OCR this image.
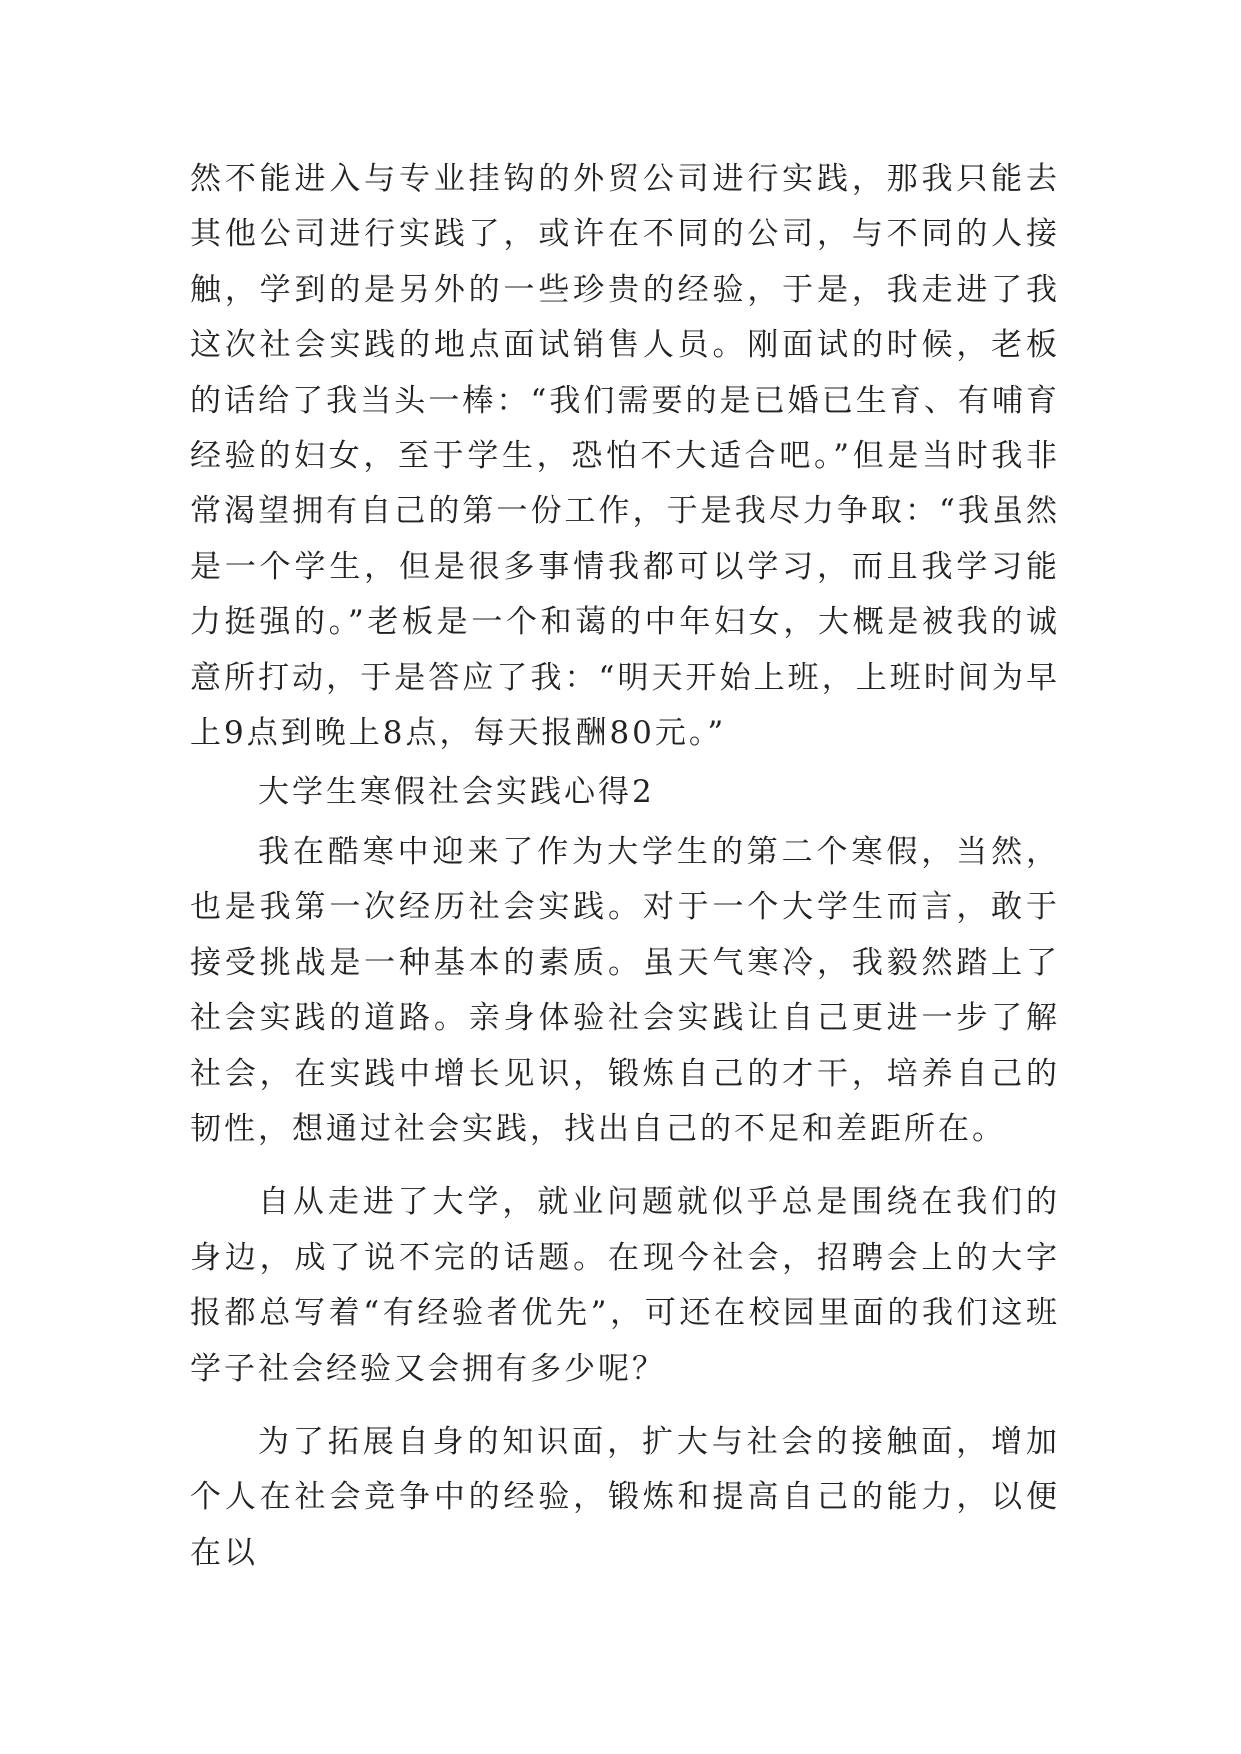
然不能进入与专业挂钩的外贸公司进行实践，那我只能去其他公司进行实践了，或许在不同的公司，与不同的人接触，学到的是另外的一些珍贵的经验，于是，我走进了我这次社会实践的地点面试销售人员。刚面试的时候，老板的话给了我当头一棒：“我们需要的是已婚已生育、有哺育经验的妇女，至于学生，恐怕不大适合吧。”但是当时我非常渴望拥有自己的第一份工作，于是我尽力争取：“我虽然是一个学生，但是很多事情我都可以学习，而且我学习能力挺强的。”老板是一个和蔼的中年妇女，大概是被我的诚意所打动，于是答应了我：“明天开始上班，上班时间为早上9点到晚上8点，每天报酬80元。”

大学生寒假社会实践心得2

我在酷寒中迎来了作为大学生的第二个寒假，当然，也是我第一次经历社会实践。对于一个大学生而言，敢于接受挑战是一种基本的素质。虽天气寒冷，我毅然踏上了社会实践的道路。亲身体验社会实践让自己更进一步了解社会，在实践中增长见识，锻炼自己的才干，培养自己的韧性，想通过社会实践，找出自己的不足和差距所在。

自从走进了大学，就业问题就似乎总是围绕在我们的身边，成了说不完的话题。在现今社会，招聘会上的大字报都总写着“有经验者优先”，可还在校园里面的我们这班学子社会经验又会拥有多少呢？

为了拓展自身的知识面，扩大与社会的接触面，增加个人在社会竞争中的经验，锻炼和提高自己的能力，以便在以
